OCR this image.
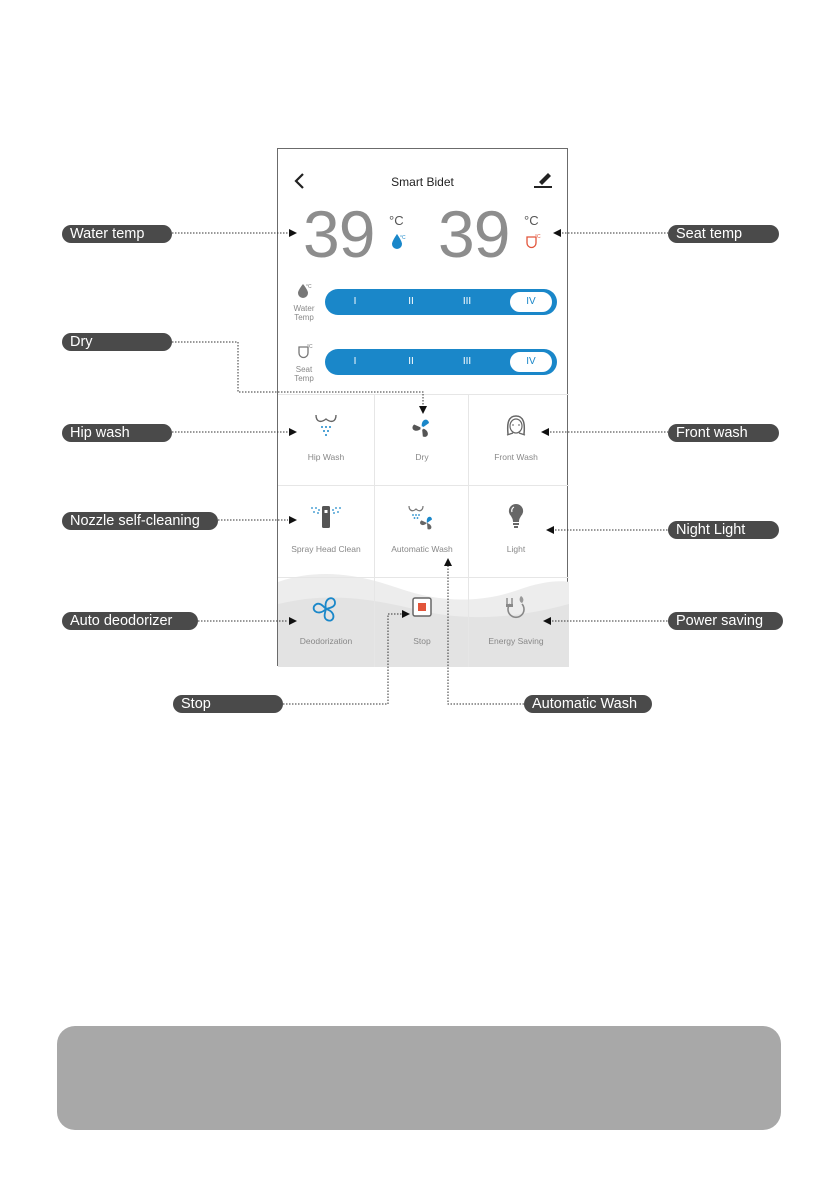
Smart Bidet
39 °C
°C 39 °C
°C
°C
Water
Temp
I	II	III	IV
°C
Seat
Temp
I	II	III	IV
Hip Wash	Dry	Front Wash
Spray Head Clean	Automatic Wash	Light
Deodorization	Stop	Energy Saving
Water temp	Seat temp
Dry
Hip wash	Front wash
Nozzle self-cleaning
Night Light
Auto deodorizer	Power saving
Stop	Automatic Wash
